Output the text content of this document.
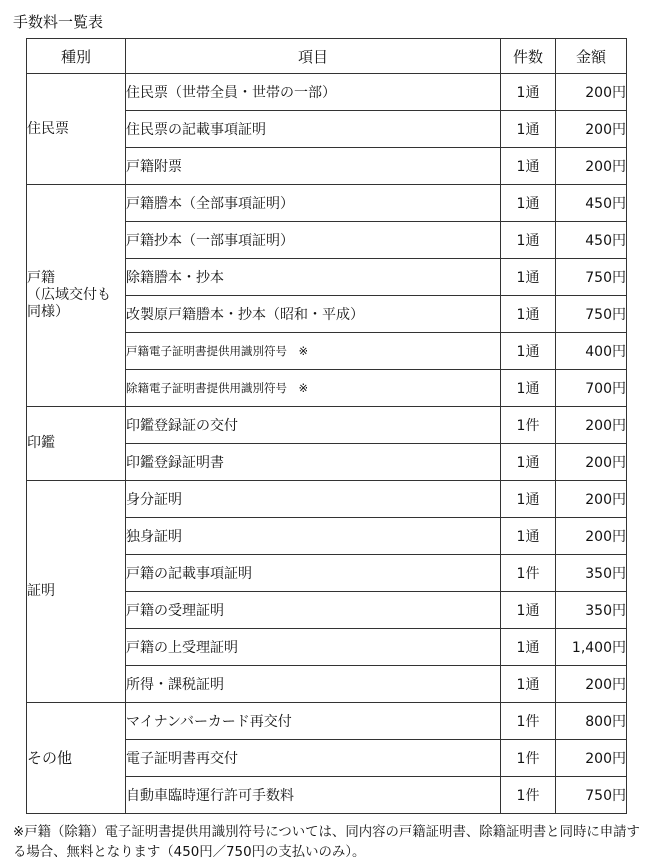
手数料一覧表
種別	項目	件数	金額
住民票	住民票（世帯全員・世帯の一部）	1通	200円
	住民票の記載事項証明	1通	200円
	戸籍附票	1通	200円
戸籍
（広域交付も
同様）	戸籍謄本（全部事項証明）	1通	450円
	戸籍抄本（一部事項証明）	1通	450円
	除籍謄本・抄本	1通	750円
	改製原戸籍謄本・抄本（昭和・平成）	1通	750円
	戸籍電子証明書提供用識別符号　※	1通	400円
	除籍電子証明書提供用識別符号　※	1通	700円
印鑑	印鑑登録証の交付	1件	200円
	印鑑登録証明書	1通	200円
証明	身分証明	1通	200円
	独身証明	1通	200円
	戸籍の記載事項証明	1件	350円
	戸籍の受理証明	1通	350円
	戸籍の上受理証明	1通	1,400円
	所得・課税証明	1通	200円
その他	マイナンバーカード再交付	1件	800円
	電子証明書再交付	1件	200円
	自動車臨時運行許可手数料	1件	750円
※戸籍（除籍）電子証明書提供用識別符号については、同内容の戸籍証明書、除籍証明書と同時に申請する場合、無料となります（450円／750円の支払いのみ）。
